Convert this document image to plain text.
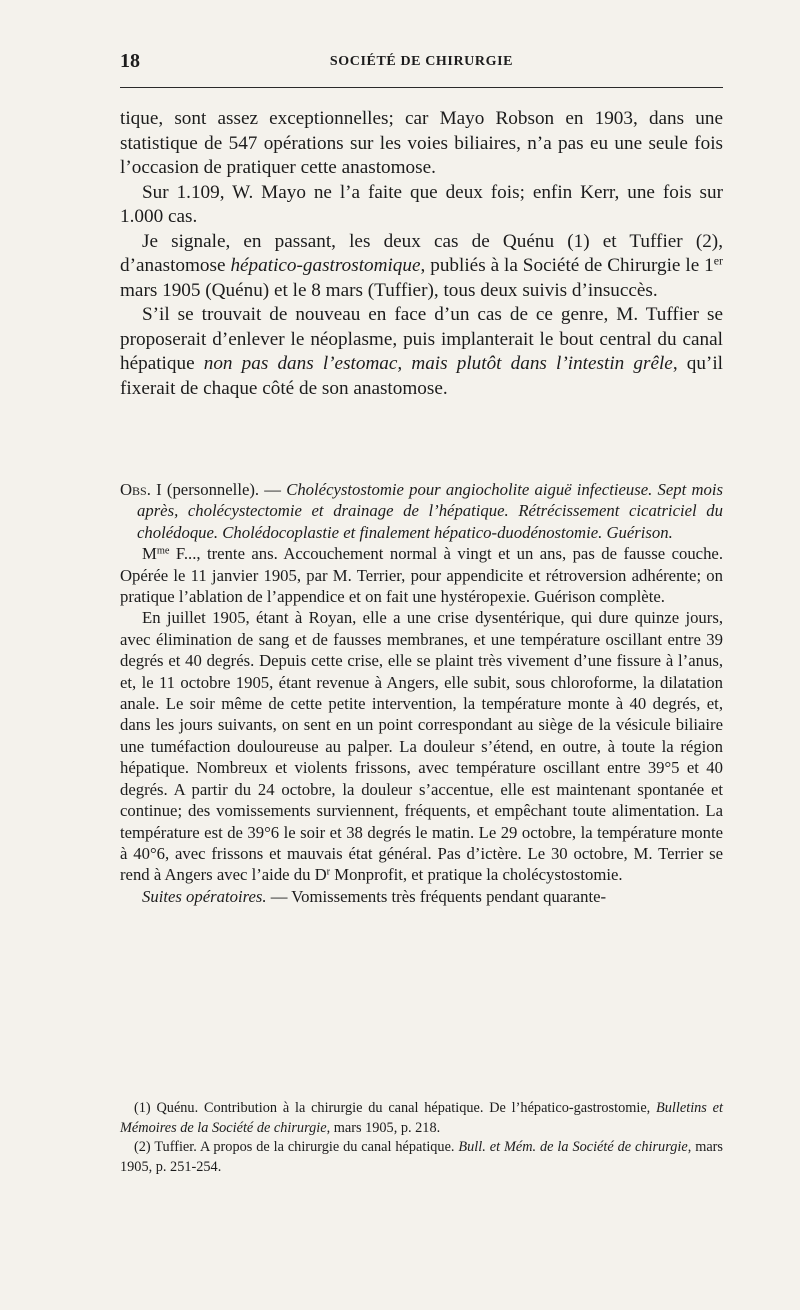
18	SOCIÉTÉ DE CHIRURGIE

tique, sont assez exceptionnelles; car Mayo Robson en 1903, dans une statistique de 547 opérations sur les voies biliaires, n’a pas eu une seule fois l’occasion de pratiquer cette anastomose.

Sur 1.109, W. Mayo ne l’a faite que deux fois; enfin Kerr, une fois sur 1.000 cas.

Je signale, en passant, les deux cas de Quénu (1) et Tuffier (2), d’anastomose hépatico-gastrostomique, publiés à la Société de Chirurgie le 1er mars 1905 (Quénu) et le 8 mars (Tuffier), tous deux suivis d’insuccès.

S’il se trouvait de nouveau en face d’un cas de ce genre, M. Tuffier se proposerait d’enlever le néoplasme, puis implanterait le bout central du canal hépatique non pas dans l’estomac, mais plutôt dans l’intestin grêle, qu’il fixerait de chaque côté de son anastomose.

Obs. I (personnelle). — Cholécystostomie pour angiocholite aiguë infectieuse. Sept mois après, cholécystectomie et drainage de l’hépatique. Rétrécissement cicatriciel du cholédoque. Cholédocoplastie et finalement hépatico-duodénostomie. Guérison.

$M^{me}$ F..., trente ans. Accouchement normal à vingt et un ans, pas de fausse couche. Opérée le 11 janvier 1905, par M. Terrier, pour appendicite et rétroversion adhérente; on pratique l’ablation de l’appendice et on fait une hystéropexie. Guérison complète.

En juillet 1905, étant à Royan, elle a une crise dysentérique, qui dure quinze jours, avec élimination de sang et de fausses membranes, et une température oscillant entre 39 degrés et 40 degrés. Depuis cette crise, elle se plaint très vivement d’une fissure à l’anus, et, le 11 octobre 1905, étant revenue à Angers, elle subit, sous chloroforme, la dilatation anale. Le soir même de cette petite intervention, la température monte à 40 degrés, et, dans les jours suivants, on sent en un point correspondant au siège de la vésicule biliaire une tuméfaction douloureuse au palper. La douleur s’étend, en outre, à toute la région hépatique. Nombreux et violents frissons, avec température oscillant entre 39°5 et 40 degrés. A partir du 24 octobre, la douleur s’accentue, elle est maintenant spontanée et continue; des vomissements surviennent, fréquents, et empêchant toute alimentation. La température est de 39°6 le soir et 38 degrés le matin. Le 29 octobre, la température monte à 40°6, avec frissons et mauvais état général. Pas d’ictère. Le 30 octobre, M. Terrier se rend à Angers avec l’aide du $D^r$ Monprofit, et pratique la cholécystostomie.

Suites opératoires. — Vomissements très fréquents pendant quarante-

(1) Quénu. Contribution à la chirurgie du canal hépatique. De l’hépatico-gastrostomie, Bulletins et Mémoires de la Société de chirurgie, mars 1905, p. 218.

(2) Tuffier. A propos de la chirurgie du canal hépatique. Bull. et Mém. de la Société de chirurgie, mars 1905, p. 251-254.
